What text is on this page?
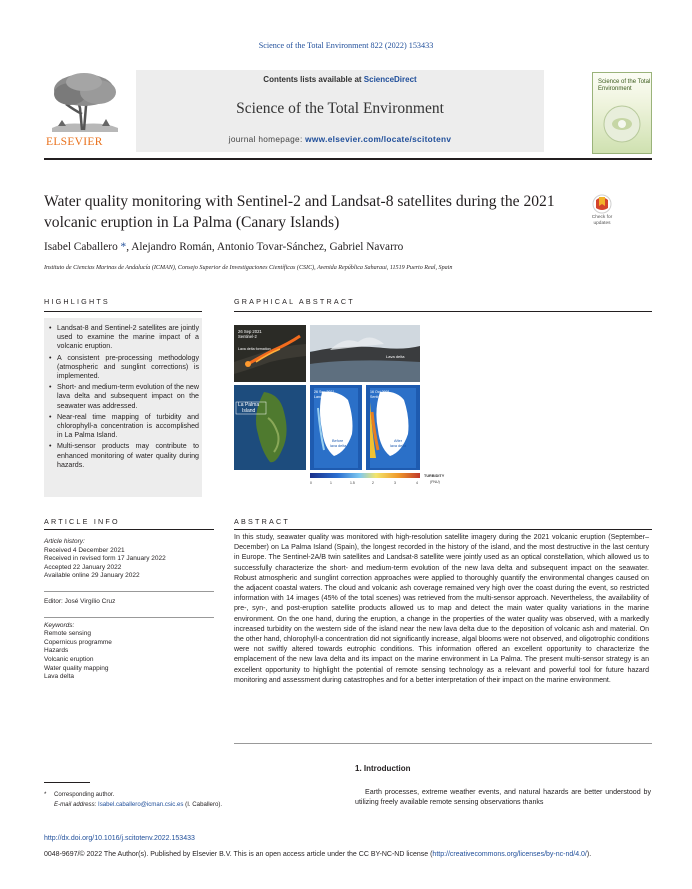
Science of the Total Environment 822 (2022) 153433
ELSEVIER
Contents lists available at ScienceDirect
Science of the Total Environment
journal homepage: www.elsevier.com/locate/scitotenv
Science of the Total Environment
Water quality monitoring with Sentinel-2 and Landsat-8 satellites during the 2021 volcanic eruption in La Palma (Canary Islands)	Check for
updates
Isabel Caballero *, Alejandro Román, Antonio Tovar-Sánchez, Gabriel Navarro
Instituto de Ciencias Marinas de Andalucía (ICMAN), Consejo Superior de Investigaciones Científicas (CSIC), Avenida República Saharaui, 11519 Puerto Real, Spain
HIGHLIGHTS
• Landsat-8 and Sentinel-2 satellites are jointly used to examine the marine impact of a volcanic eruption.
• A consistent pre-processing methodology (atmospheric and sunglint corrections) is implemented.
• Short- and medium-term evolution of the new lava delta and subsequent impact on the seawater was addressed.
• Near-real time mapping of turbidity and chlorophyll-a concentration is accomplished in La Palma Island.
• Multi-sensor products may contribute to enhanced monitoring of water quality during hazards.
GRAPHICAL ABSTRACT
26 Sep 2021
Sentinel-2
Lava delta formation
Lava delta
La Palma
Island
26 Sep 2021
Landsat-8
Before
lava delta
16 Oct 2021
Sentinel-2
After
lava delta
0	1	1.5	2	3	4
TURBIDITY
(FNU)
ARTICLE INFO
Article history:
Received 4 December 2021
Received in revised form 17 January 2022
Accepted 22 January 2022
Available online 29 January 2022
Editor: José Virgílio Cruz
Keywords:
Remote sensing
Copernicus programme
Hazards
Volcanic eruption
Water quality mapping
Lava delta
ABSTRACT
In this study, seawater quality was monitored with high-resolution satellite imagery during the 2021 volcanic eruption (September–December) on La Palma Island (Spain), the longest recorded in the history of the island, and the most destructive in the last century in Europe. The Sentinel-2A/B twin satellites and Landsat-8 satellite were jointly used as an optical constellation, which allowed us to successfully characterize the short- and medium-term evolution of the new lava delta and subsequent impact on the seawater. Robust atmospheric and sunglint correction approaches were applied to thoroughly quantify the environmental changes caused on the adjacent coastal waters. The cloud and volcanic ash coverage remained very high over the coast during the event, so restricted information with 14 images (45% of the total scenes) was retrieved from the multi-sensor approach. Nevertheless, the availability of pre-, syn-, and post-eruption satellite products allowed us to map and detect the main water quality variations in the marine environment. On the one hand, during the eruption, a change in the properties of the water quality was observed, with a markedly increased turbidity on the western side of the island near the new lava delta due to the deposition of volcanic ash and material. On the other hand, chlorophyll-a concentration did not significantly increase, algal blooms were not observed, and oligotrophic conditions were not swiftly altered towards eutrophic conditions. This information offered an excellent opportunity to characterize the emplacement of the new lava delta and its impact on the marine environment in La Palma. The present multi-sensor strategy is an excellent opportunity to highlight the potential of remote sensing technology as a relevant and powerful tool for future hazard monitoring and assessment during catastrophes and for a better interpretation of their impact on the marine environment.
1. Introduction
Earth processes, extreme weather events, and natural hazards are better understood by utilizing freely available remote sensing observations thanks
* Corresponding author.
E-mail address: Isabel.caballero@icman.csic.es (I. Caballero).
http://dx.doi.org/10.1016/j.scitotenv.2022.153433
0048-9697/© 2022 The Author(s). Published by Elsevier B.V. This is an open access article under the CC BY-NC-ND license (http://creativecommons.org/licenses/by-nc-nd/4.0/).
